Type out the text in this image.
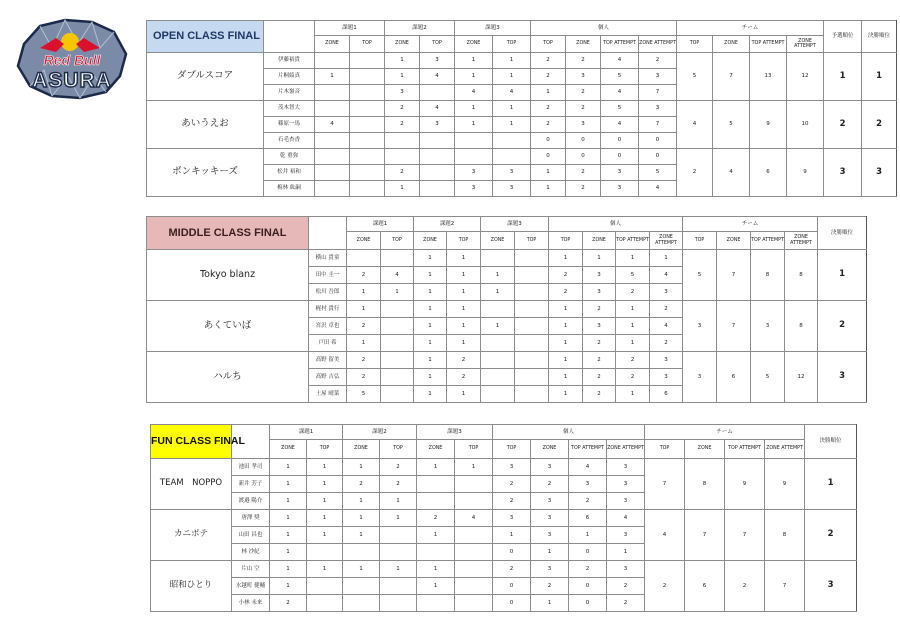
Red Bull
ASURA
OPEN CLASS FINAL		課題1		課題2		課題3		個人				チーム				予選順位	決勝順位
		ZONE	TOP	ZONE	TOP	ZONE	TOP	TOP	ZONE	TOP ATTEMPT	ZONE ATTEMPT	TOP	ZONE	TOP ATTEMPT	ZONE ATTEMPT		
ダブルスコア	伊藤裕貴			1	3	1	1	2	2	4	2	5	7	13	12	1	1
	片桐綾真	1		1	4	1	1	2	3	5	3						
	片木嶺音			3		4	4	1	2	4	7						
あいうえお	茂木智大			2	4	1	1	2	2	5	3	4	5	9	10	2	2
	篠原一馬	4		2	3	1	1	2	3	4	7						
	石毛杏香							0	0	0	0						
ボンキッキーズ	乾 重弥							0	0	0	0	2	4	6	9	3	3
	松井 裕和			2		3	3	1	2	3	5						
	梅林 紘嗣			1		3	3	1	2	3	4						
MIDDLE CLASS FINAL		課題1		課題2		課題3		個人				チーム				決勝順位
		ZONE	TOP	ZONE	TOP	ZONE	TOP	TOP	ZONE	TOP ATTEMPT	ZONE ATTEMPT	TOP	ZONE	TOP ATTEMPT	ZONE ATTEMPT	
Tokyo blanz	横山 貴童			1	1			1	1	1	1	5	7	8	8	1
	田中 圭一	2	4	1	1	1		2	3	5	4					
	松川 吾郎	1	1	1	1	1		2	3	2	3					
あくていば	梶村 貴行	1		1	1			1	2	1	2	3	7	3	8	2
	宮沢 卓也	2		1	1	1		1	3	1	4					
	戸田 希	1		1	1			1	2	1	2					
ハルち	高野 留美	2		1	2			1	2	2	3	3	6	5	12	3
	高野 吉弘	2		1	2			1	2	2	3					
	土屋 晴菜	5		1	1			1	2	1	6					
FUN CLASS FINAL		課題1		課題2		課題3		個人				チーム				決勝順位
		ZONE	TOP	ZONE	TOP	ZONE	TOP	TOP	ZONE	TOP ATTEMPT	ZONE ATTEMPT	TOP	ZONE	TOP ATTEMPT	ZONE ATTEMPT	
TEAM　NOPPO	池田 孝司	1	1	1	2	1	1	3	3	4	3	7	8	9	9	1
	新井 芳子	1	1	2	2			2	2	3	3					
	渡邉 陽介	1	1	1	1			2	3	2	3					
カニポテ	唐澤 奨	1	1	1	1	2	4	3	3	6	4	4	7	7	8	2
	山田 昌也	1	1	1		1		1	3	1	3					
	林 沙紀	1						0	1	0	1					
昭和ひとり	片山 空	1	1	1	1	1		2	3	2	3	2	6	2	7	3
	水越町 健輔	1				1		0	2	0	2					
	小林 未来	2						0	1	0	2					
